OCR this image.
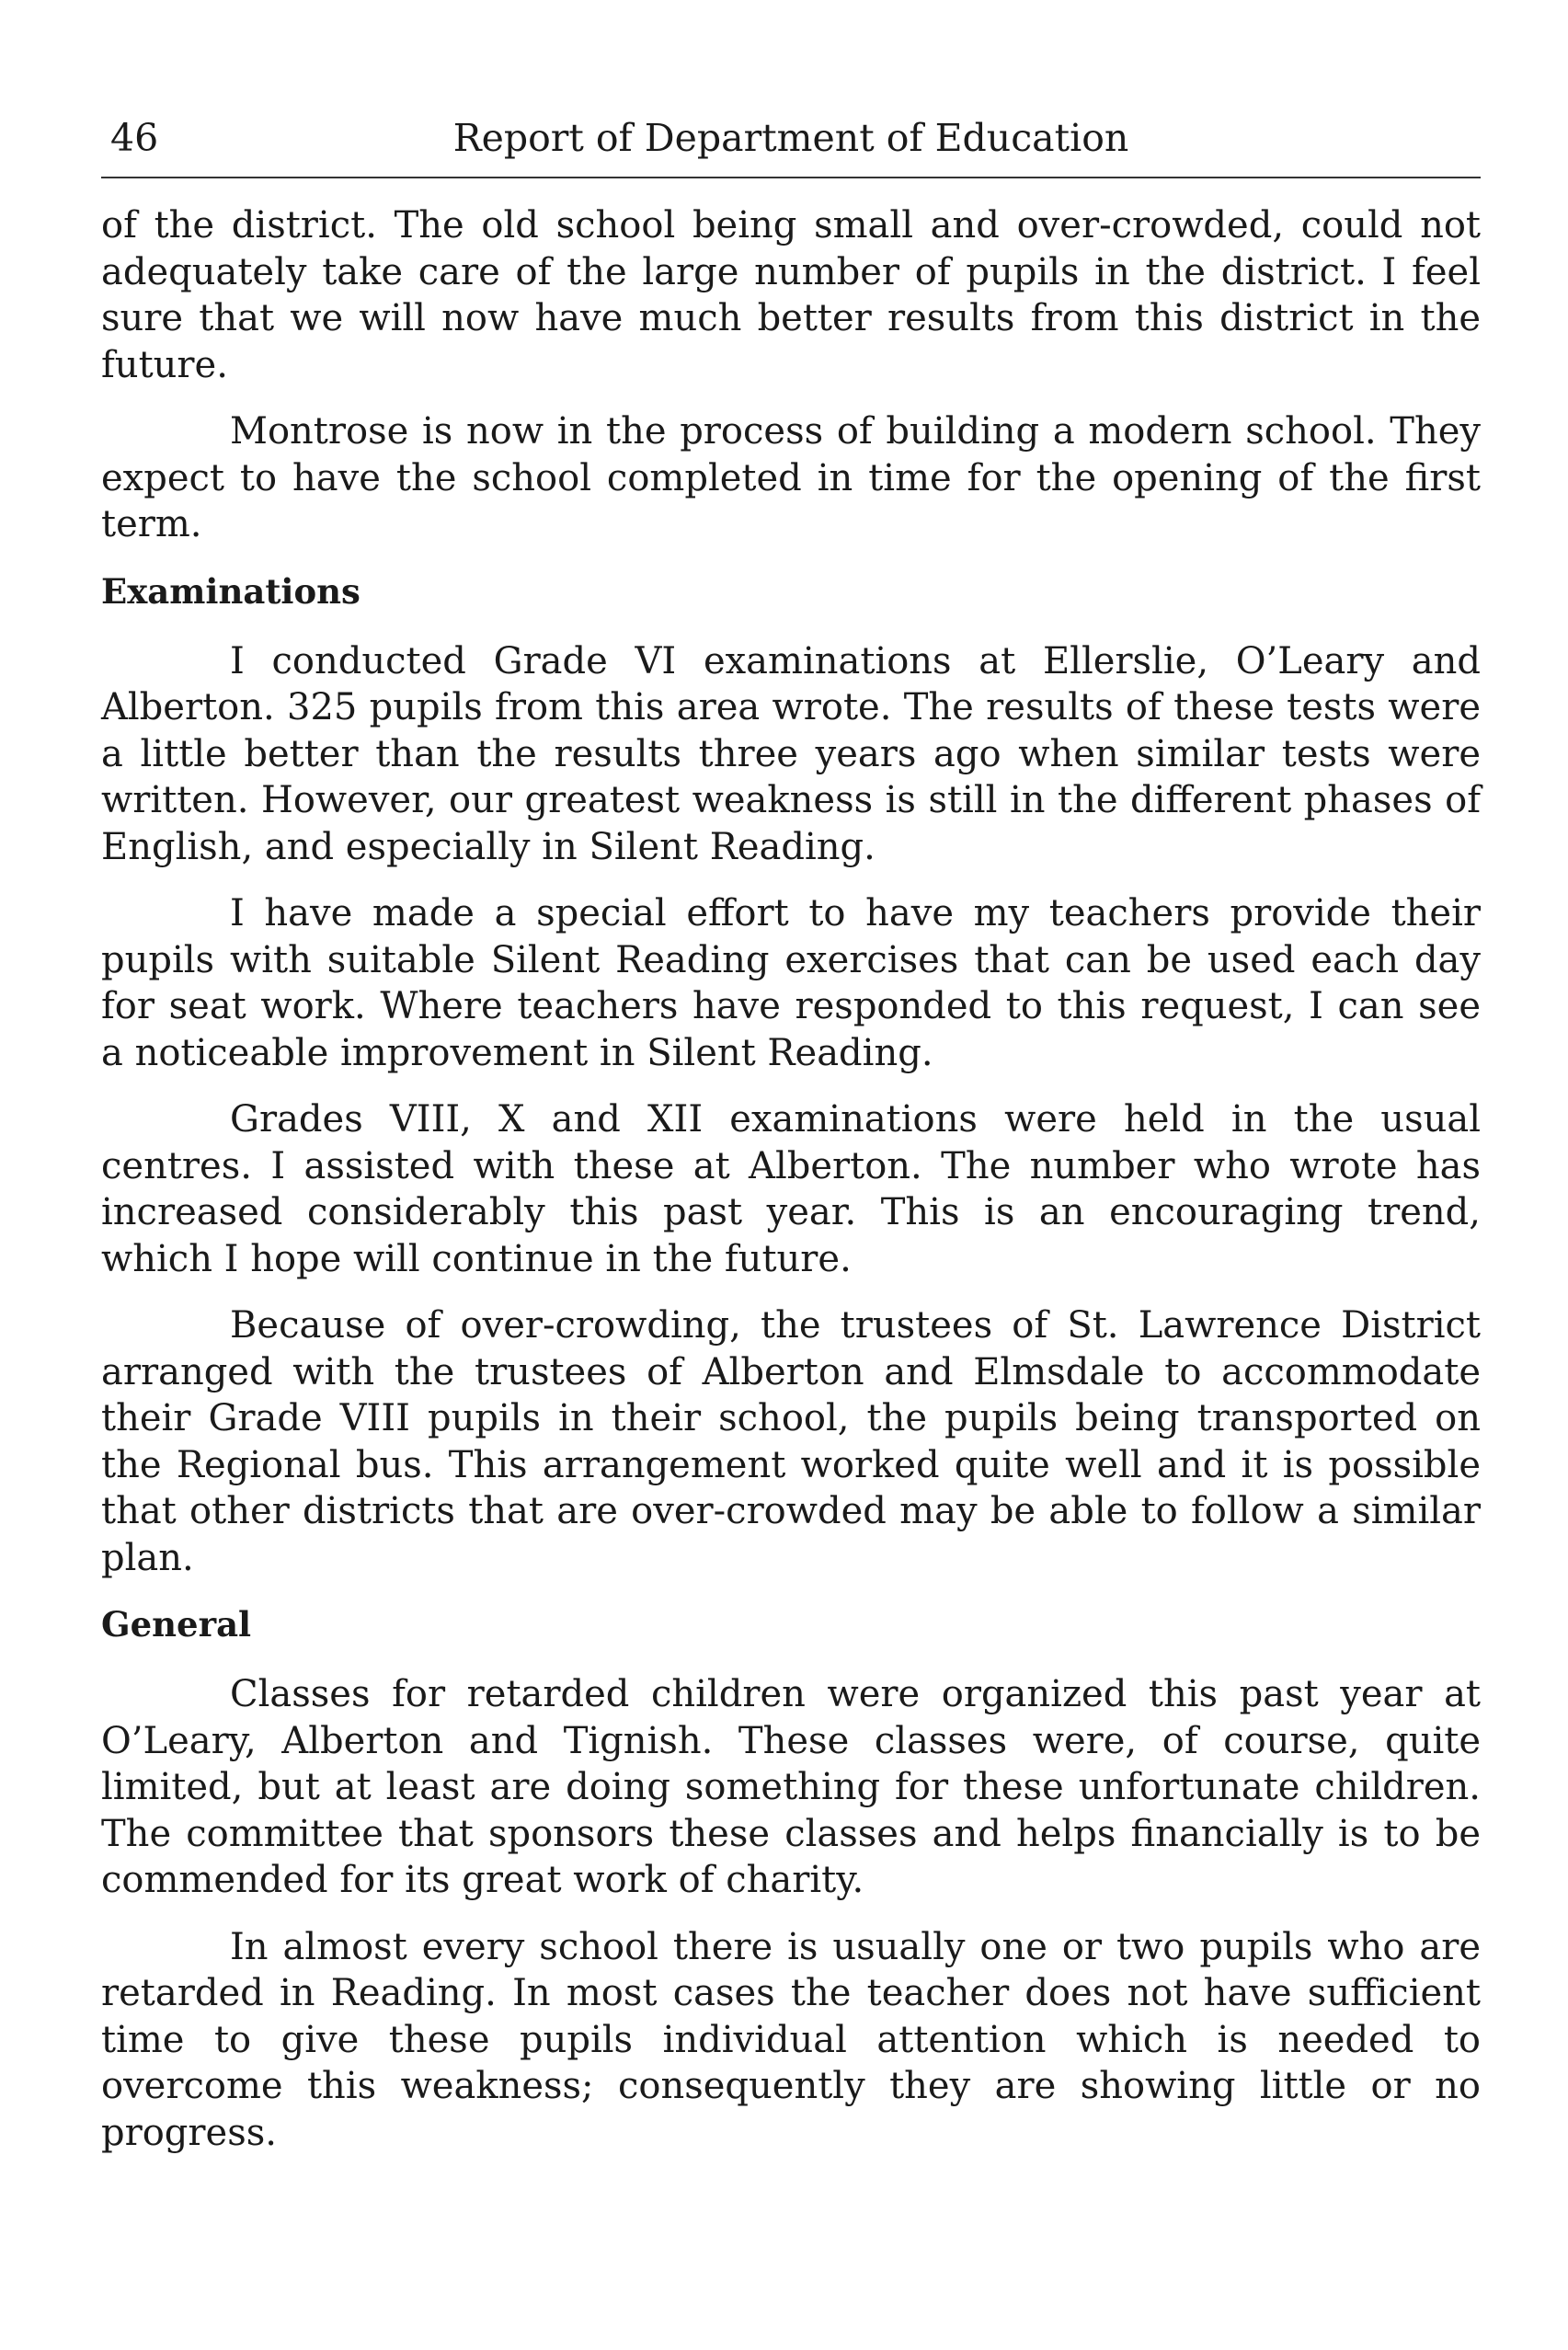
46	Report of Department of Education

of the district. The old school being small and over-crowded, could not adequately take care of the large number of pupils in the district. I feel sure that we will now have much better results from this district in the future.

Montrose is now in the process of building a modern school. They expect to have the school completed in time for the opening of the first term.

Examinations

I conducted Grade VI examinations at Ellerslie, O’Leary and Alberton. 325 pupils from this area wrote. The results of these tests were a little better than the results three years ago when similar tests were written. However, our greatest weakness is still in the different phases of English, and especially in Silent Reading.

I have made a special effort to have my teachers provide their pupils with suitable Silent Reading exercises that can be used each day for seat work. Where teachers have responded to this request, I can see a noticeable improvement in Silent Reading.

Grades VIII, X and XII examinations were held in the usual centres. I assisted with these at Alberton. The number who wrote has increased considerably this past year. This is an encouraging trend, which I hope will continue in the future.

Because of over-crowding, the trustees of St. Lawrence District arranged with the trustees of Alberton and Elmsdale to accommodate their Grade VIII pupils in their school, the pupils being transported on the Regional bus. This arrangement worked quite well and it is possible that other districts that are over-crowded may be able to follow a similar plan.

General

Classes for retarded children were organized this past year at O’Leary, Alberton and Tignish. These classes were, of course, quite limited, but at least are doing something for these unfortunate children. The committee that sponsors these classes and helps financially is to be commended for its great work of charity.

In almost every school there is usually one or two pupils who are retarded in Reading. In most cases the teacher does not have sufficient time to give these pupils individual attention which is needed to overcome this weakness; consequently they are showing little or no progress.
